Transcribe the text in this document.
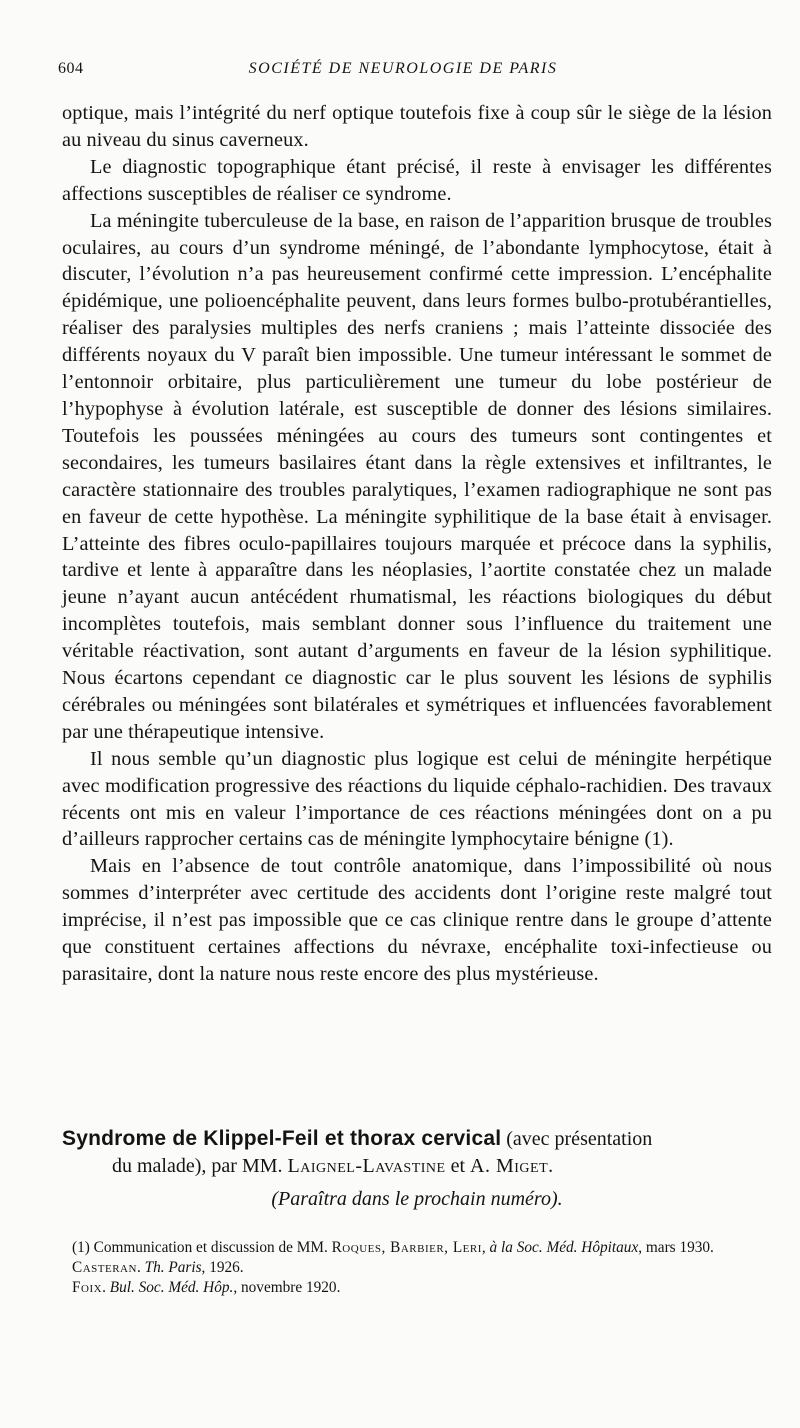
604	SOCIÉTÉ DE NEUROLOGIE DE PARIS

optique, mais l’intégrité du nerf optique toutefois fixe à coup sûr le siège de la lésion au niveau du sinus caverneux.

Le diagnostic topographique étant précisé, il reste à envisager les différentes affections susceptibles de réaliser ce syndrome.

La méningite tuberculeuse de la base, en raison de l’apparition brusque de troubles oculaires, au cours d’un syndrome méningé, de l’abondante lymphocytose, était à discuter, l’évolution n’a pas heureusement confirmé cette impression. L’encéphalite épidémique, une polioencéphalite peuvent, dans leurs formes bulbo-protubérantielles, réaliser des paralysies multiples des nerfs craniens ; mais l’atteinte dissociée des différents noyaux du V paraît bien impossible. Une tumeur intéressant le sommet de l’entonnoir orbitaire, plus particulièrement une tumeur du lobe postérieur de l’hypophyse à évolution latérale, est susceptible de donner des lésions similaires. Toutefois les poussées méningées au cours des tumeurs sont contingentes et secondaires, les tumeurs basilaires étant dans la règle extensives et infiltrantes, le caractère stationnaire des troubles paralytiques, l’examen radiographique ne sont pas en faveur de cette hypothèse. La méningite syphilitique de la base était à envisager. L’atteinte des fibres oculo-papillaires toujours marquée et précoce dans la syphilis, tardive et lente à apparaître dans les néoplasies, l’aortite constatée chez un malade jeune n’ayant aucun antécédent rhumatismal, les réactions biologiques du début incomplètes toutefois, mais semblant donner sous l’influence du traitement une véritable réactivation, sont autant d’arguments en faveur de la lésion syphilitique. Nous écartons cependant ce diagnostic car le plus souvent les lésions de syphilis cérébrales ou méningées sont bilatérales et symétriques et influencées favorablement par une thérapeutique intensive.

Il nous semble qu’un diagnostic plus logique est celui de méningite herpétique avec modification progressive des réactions du liquide céphalo-rachidien. Des travaux récents ont mis en valeur l’importance de ces réactions méningées dont on a pu d’ailleurs rapprocher certains cas de méningite lymphocytaire bénigne (1).

Mais en l’absence de tout contrôle anatomique, dans l’impossibilité où nous sommes d’interpréter avec certitude des accidents dont l’origine reste malgré tout imprécise, il n’est pas impossible que ce cas clinique rentre dans le groupe d’attente que constituent certaines affections du névraxe, encéphalite toxi-infectieuse ou parasitaire, dont la nature nous reste encore des plus mystérieuse.

Syndrome de Klippel-Feil et thorax cervical (avec présentation
du malade), par MM. Laignel-Lavastine et A. Miget.
(Paraîtra dans le prochain numéro).
(1) Communication et discussion de MM. Roques, Barbier, Leri, à la Soc. Méd. Hôpitaux, mars 1930.
Casteran. Th. Paris, 1926.
Foix. Bul. Soc. Méd. Hôp., novembre 1920.
